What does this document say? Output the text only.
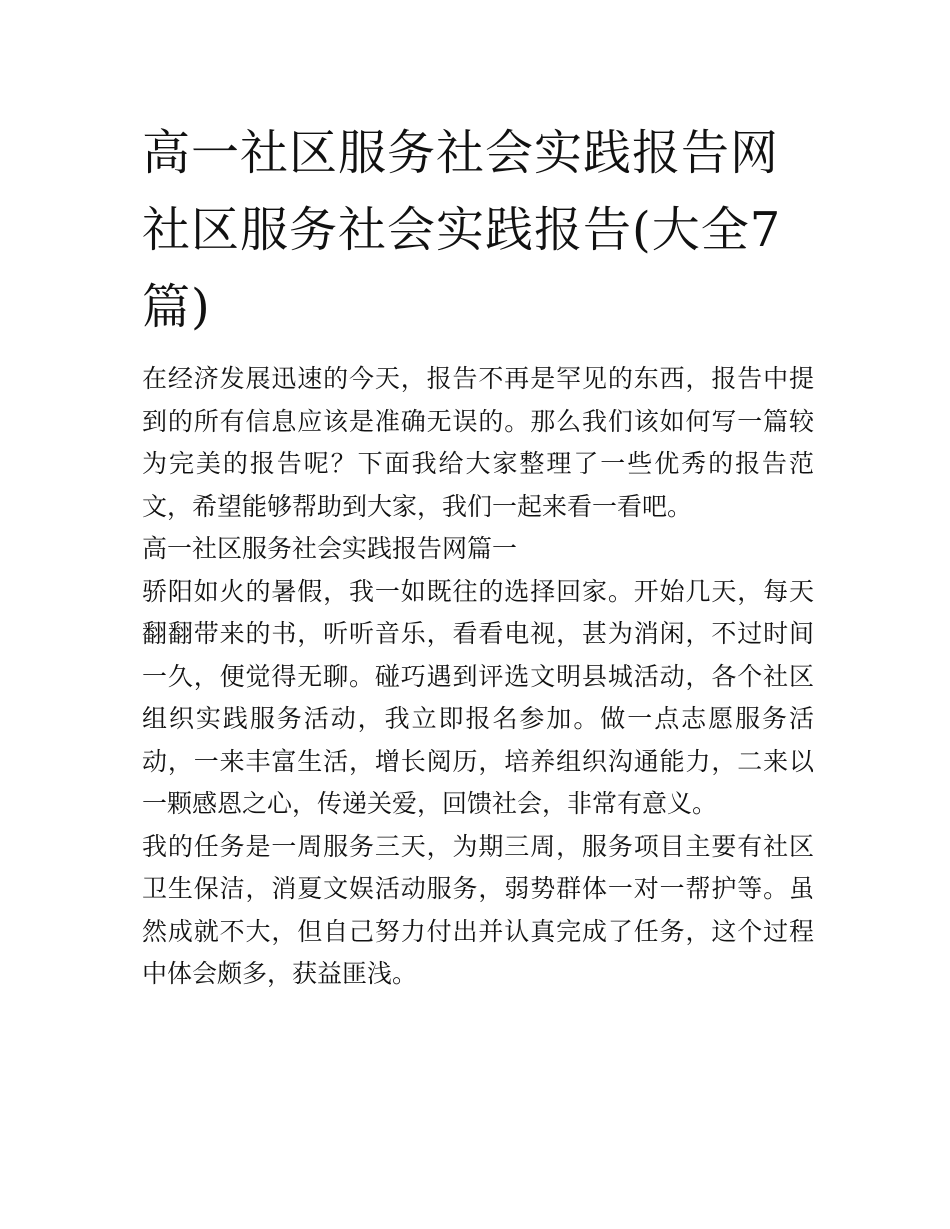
高一社区服务社会实践报告网社区服务社会实践报告(大全7篇)

在经济发展迅速的今天，报告不再是罕见的东西，报告中提到的所有信息应该是准确无误的。那么我们该如何写一篇较为完美的报告呢？下面我给大家整理了一些优秀的报告范文，希望能够帮助到大家，我们一起来看一看吧。

高一社区服务社会实践报告网篇一

骄阳如火的暑假，我一如既往的选择回家。开始几天，每天翻翻带来的书，听听音乐，看看电视，甚为消闲，不过时间一久，便觉得无聊。碰巧遇到评选文明县城活动，各个社区组织实践服务活动，我立即报名参加。做一点志愿服务活动，一来丰富生活，增长阅历，培养组织沟通能力，二来以一颗感恩之心，传递关爱，回馈社会，非常有意义。

我的任务是一周服务三天，为期三周，服务项目主要有社区卫生保洁，消夏文娱活动服务，弱势群体一对一帮护等。虽然成就不大，但自己努力付出并认真完成了任务，这个过程中体会颇多，获益匪浅。
